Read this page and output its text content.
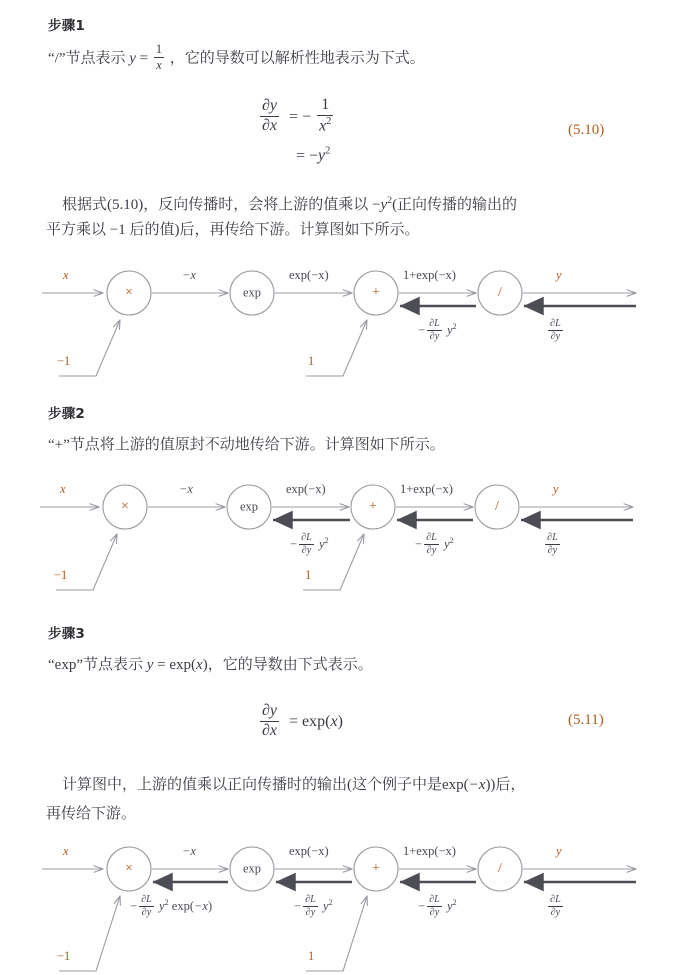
步骤1
“/”节点表示 $y = \frac{1}{x}$ ，它的导数可以解析性地表示为下式。
$\frac{\partial y}{\partial x}$ = − $\frac{1}{x^2}$
= $-y^2$
(5.10)
根据式(5.10)，反向传播时，会将上游的值乘以 $-y^2$(正向传播的输出的
平方乘以 −1 后的值)后，再传给下游。计算图如下所示。
×	exp	+	/
x	−x	exp(−x)	1+exp(−x)	y
− $\frac{\partial L}{\partial y} y^2$	$\frac{\partial L}{\partial y}$
−1	1
步骤2
“+”节点将上游的值原封不动地传给下游。计算图如下所示。
×	exp	+	/
x	−x	exp(−x)	1+exp(−x)	y
− $\frac{\partial L}{\partial y} y^2$	− $\frac{\partial L}{\partial y} y^2$	$\frac{\partial L}{\partial y}$
−1	1
步骤3
“exp”节点表示 y = exp(x)，它的导数由下式表示。
$\frac{\partial y}{\partial x} = \exp(x)$	(5.11)
计算图中，上游的值乘以正向传播时的输出(这个例子中是exp(−x))后，
再传给下游。
×	exp	+	/
x	−x	exp(−x)	1+exp(−x)	y
− $\frac{\partial L}{\partial y} y^2$ exp(−x)	− $\frac{\partial L}{\partial y} y^2$	− $\frac{\partial L}{\partial y} y^2$	$\frac{\partial L}{\partial y}$
−1	1
